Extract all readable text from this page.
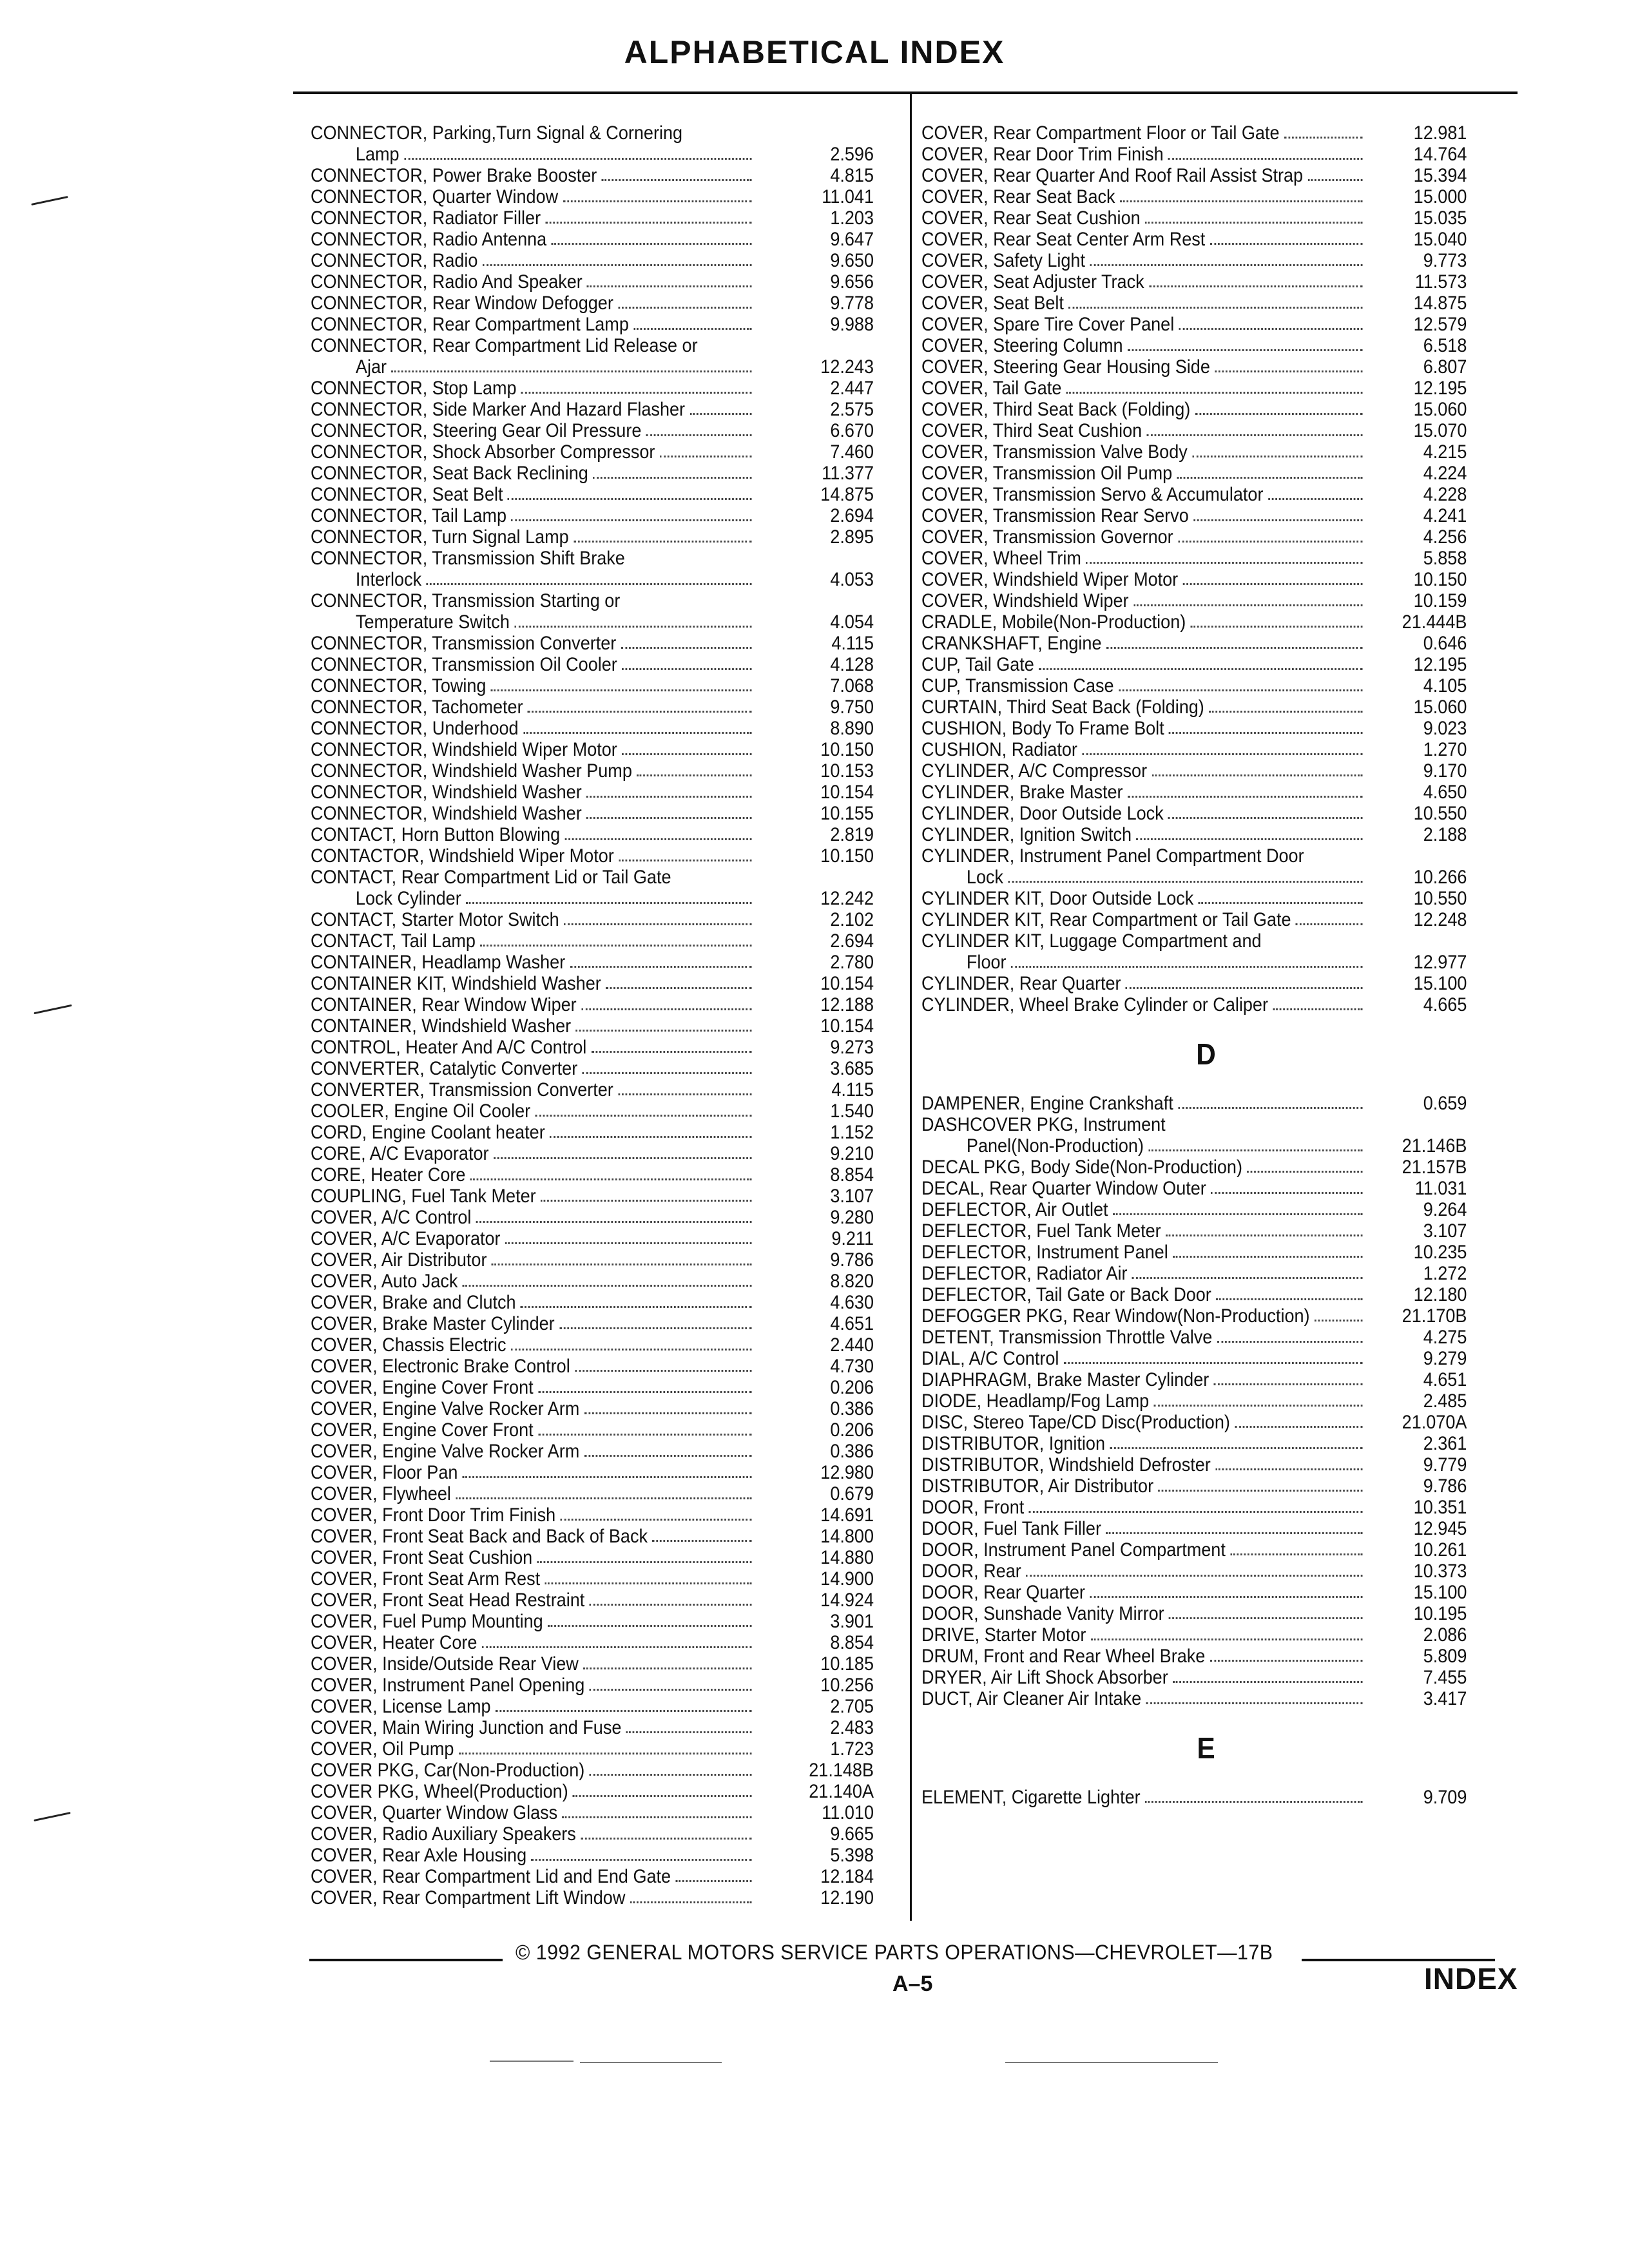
ALPHABETICAL INDEX
CONNECTOR, Parking,Turn Signal & Cornering
Lamp	2.596
CONNECTOR, Power Brake Booster	4.815
CONNECTOR, Quarter Window	11.041
CONNECTOR, Radiator Filler	1.203
CONNECTOR, Radio Antenna	9.647
CONNECTOR, Radio	9.650
CONNECTOR, Radio And Speaker	9.656
CONNECTOR, Rear Window Defogger	9.778
CONNECTOR, Rear Compartment Lamp	9.988
CONNECTOR, Rear Compartment Lid Release or
Ajar	12.243
CONNECTOR, Stop Lamp	2.447
CONNECTOR, Side Marker And Hazard Flasher	2.575
CONNECTOR, Steering Gear Oil Pressure	6.670
CONNECTOR, Shock Absorber Compressor	7.460
CONNECTOR, Seat Back Reclining	11.377
CONNECTOR, Seat Belt	14.875
CONNECTOR, Tail Lamp	2.694
CONNECTOR, Turn Signal Lamp	2.895
CONNECTOR, Transmission Shift Brake
Interlock	4.053
CONNECTOR, Transmission Starting or
Temperature Switch	4.054
CONNECTOR, Transmission Converter	4.115
CONNECTOR, Transmission Oil Cooler	4.128
CONNECTOR, Towing	7.068
CONNECTOR, Tachometer	9.750
CONNECTOR, Underhood	8.890
CONNECTOR, Windshield Wiper Motor	10.150
CONNECTOR, Windshield Washer Pump	10.153
CONNECTOR, Windshield Washer	10.154
CONNECTOR, Windshield Washer	10.155
CONTACT, Horn Button Blowing	2.819
CONTACTOR, Windshield Wiper Motor	10.150
CONTACT, Rear Compartment Lid or Tail Gate
Lock Cylinder	12.242
CONTACT, Starter Motor Switch	2.102
CONTACT, Tail Lamp	2.694
CONTAINER, Headlamp Washer	2.780
CONTAINER KIT, Windshield Washer	10.154
CONTAINER, Rear Window Wiper	12.188
CONTAINER, Windshield Washer	10.154
CONTROL, Heater And A/C Control	9.273
CONVERTER, Catalytic Converter	3.685
CONVERTER, Transmission Converter	4.115
COOLER, Engine Oil Cooler	1.540
CORD, Engine Coolant heater	1.152
CORE, A/C Evaporator	9.210
CORE, Heater Core	8.854
COUPLING, Fuel Tank Meter	3.107
COVER, A/C Control	9.280
COVER, A/C Evaporator	9.211
COVER, Air Distributor	9.786
COVER, Auto Jack	8.820
COVER, Brake and Clutch	4.630
COVER, Brake Master Cylinder	4.651
COVER, Chassis Electric	2.440
COVER, Electronic Brake Control	4.730
COVER, Engine Cover Front	0.206
COVER, Engine Valve Rocker Arm	0.386
COVER, Engine Cover Front	0.206
COVER, Engine Valve Rocker Arm	0.386
COVER, Floor Pan	12.980
COVER, Flywheel	0.679
COVER, Front Door Trim Finish	14.691
COVER, Front Seat Back and Back of Back	14.800
COVER, Front Seat Cushion	14.880
COVER, Front Seat Arm Rest	14.900
COVER, Front Seat Head Restraint	14.924
COVER, Fuel Pump Mounting	3.901
COVER, Heater Core	8.854
COVER, Inside/Outside Rear View	10.185
COVER, Instrument Panel Opening	10.256
COVER, License Lamp	2.705
COVER, Main Wiring Junction and Fuse	2.483
COVER, Oil Pump	1.723
COVER PKG, Car(Non-Production)	21.148B
COVER PKG, Wheel(Production)	21.140A
COVER, Quarter Window Glass	11.010
COVER, Radio Auxiliary Speakers	9.665
COVER, Rear Axle Housing	5.398
COVER, Rear Compartment Lid and End Gate	12.184
COVER, Rear Compartment Lift Window	12.190
COVER, Rear Compartment Floor or Tail Gate	12.981
COVER, Rear Door Trim Finish	14.764
COVER, Rear Quarter And Roof Rail Assist Strap	15.394
COVER, Rear Seat Back	15.000
COVER, Rear Seat Cushion	15.035
COVER, Rear Seat Center Arm Rest	15.040
COVER, Safety Light	9.773
COVER, Seat Adjuster Track	11.573
COVER, Seat Belt	14.875
COVER, Spare Tire Cover Panel	12.579
COVER, Steering Column	6.518
COVER, Steering Gear Housing Side	6.807
COVER, Tail Gate	12.195
COVER, Third Seat Back (Folding)	15.060
COVER, Third Seat Cushion	15.070
COVER, Transmission Valve Body	4.215
COVER, Transmission Oil Pump	4.224
COVER, Transmission Servo & Accumulator	4.228
COVER, Transmission Rear Servo	4.241
COVER, Transmission Governor	4.256
COVER, Wheel Trim	5.858
COVER, Windshield Wiper Motor	10.150
COVER, Windshield Wiper	10.159
CRADLE, Mobile(Non-Production)	21.444B
CRANKSHAFT, Engine	0.646
CUP, Tail Gate	12.195
CUP, Transmission Case	4.105
CURTAIN, Third Seat Back (Folding)	15.060
CUSHION, Body To Frame Bolt	9.023
CUSHION, Radiator	1.270
CYLINDER, A/C Compressor	9.170
CYLINDER, Brake Master	4.650
CYLINDER, Door Outside Lock	10.550
CYLINDER, Ignition Switch	2.188
CYLINDER, Instrument Panel Compartment Door
Lock	10.266
CYLINDER KIT, Door Outside Lock	10.550
CYLINDER KIT, Rear Compartment or Tail Gate	12.248
CYLINDER KIT, Luggage Compartment and
Floor	12.977
CYLINDER, Rear Quarter	15.100
CYLINDER, Wheel Brake Cylinder or Caliper	4.665
D
DAMPENER, Engine Crankshaft	0.659
DASHCOVER PKG, Instrument
Panel(Non-Production)	21.146B
DECAL PKG, Body Side(Non-Production)	21.157B
DECAL, Rear Quarter Window Outer	11.031
DEFLECTOR, Air Outlet	9.264
DEFLECTOR, Fuel Tank Meter	3.107
DEFLECTOR, Instrument Panel	10.235
DEFLECTOR, Radiator Air	1.272
DEFLECTOR, Tail Gate or Back Door	12.180
DEFOGGER PKG, Rear Window(Non-Production)	21.170B
DETENT, Transmission Throttle Valve	4.275
DIAL, A/C Control	9.279
DIAPHRAGM, Brake Master Cylinder	4.651
DIODE, Headlamp/Fog Lamp	2.485
DISC, Stereo Tape/CD Disc(Production)	21.070A
DISTRIBUTOR, Ignition	2.361
DISTRIBUTOR, Windshield Defroster	9.779
DISTRIBUTOR, Air Distributor	9.786
DOOR, Front	10.351
DOOR, Fuel Tank Filler	12.945
DOOR, Instrument Panel Compartment	10.261
DOOR, Rear	10.373
DOOR, Rear Quarter	15.100
DOOR, Sunshade Vanity Mirror	10.195
DRIVE, Starter Motor	2.086
DRUM, Front and Rear Wheel Brake	5.809
DRYER, Air Lift Shock Absorber	7.455
DUCT, Air Cleaner Air Intake	3.417
E
ELEMENT, Cigarette Lighter	9.709
© 1992 GENERAL MOTORS SERVICE PARTS OPERATIONS—CHEVROLET—17B
A–5	INDEX
